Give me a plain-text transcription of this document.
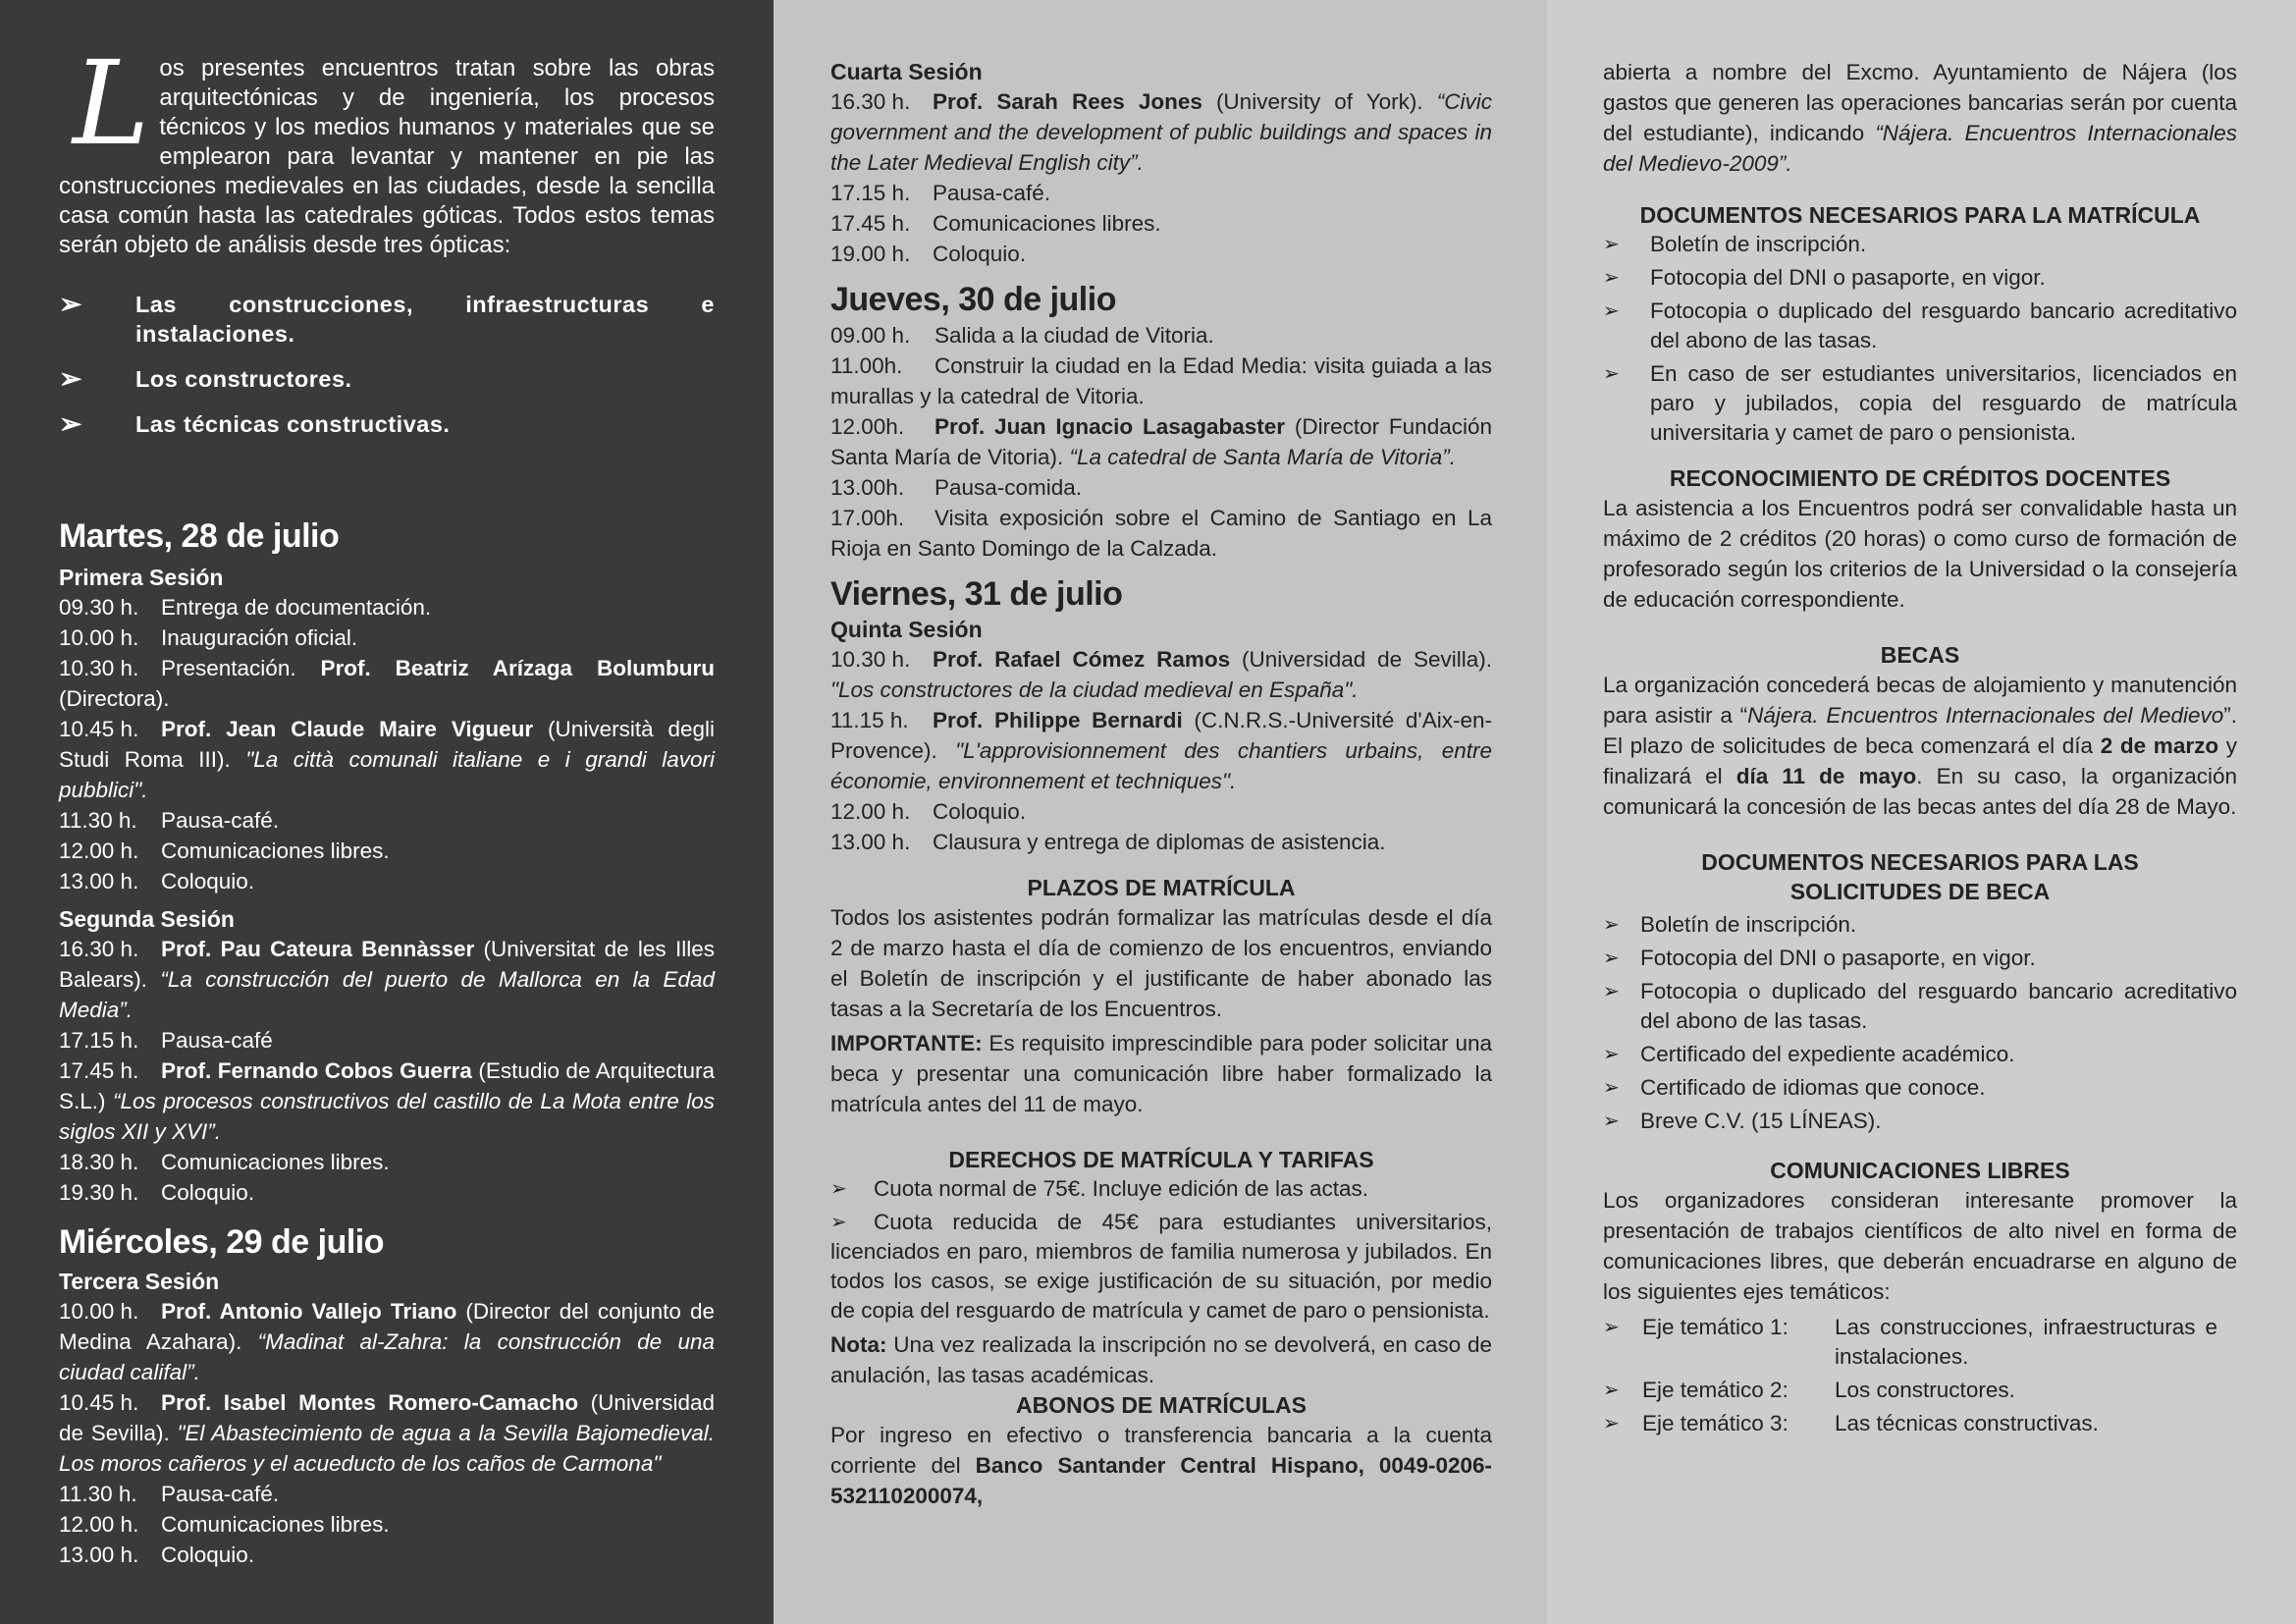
Los presentes encuentros tratan sobre las obras arquitectónicas y de ingeniería, los procesos técnicos y los medios humanos y materiales que se emplearon para levantar y mantener en pie las construcciones medievales en las ciudades, desde la sencilla casa común hasta las catedrales góticas. Todos estos temas serán objeto de análisis desde tres ópticas:

➢ Las construcciones, infraestructuras e instalaciones.
➢ Los constructores.
➢ Las técnicas constructivas.
Martes, 28 de julio

Primera Sesión

09.30 h. Entrega de documentación.

10.00 h. Inauguración oficial.

10.30 h. Presentación. Prof. Beatriz Arízaga Bolumburu (Directora).

10.45 h. Prof. Jean Claude Maire Vigueur (Università degli Studi Roma III). "La città comunali italiane e i grandi lavori pubblici".

11.30 h. Pausa-café.

12.00 h. Comunicaciones libres.

13.00 h. Coloquio.

Segunda Sesión

16.30 h. Prof. Pau Cateura Bennàsser (Universitat de les Illes Balears). “La construcción del puerto de Mallorca en la Edad Media”.

17.15 h. Pausa-café

17.45 h. Prof. Fernando Cobos Guerra (Estudio de Arquitectura S.L.) “Los procesos constructivos del castillo de La Mota entre los siglos XII y XVI”.

18.30 h. Comunicaciones libres.

19.30 h. Coloquio.

Miércoles, 29 de julio

Tercera Sesión

10.00 h. Prof. Antonio Vallejo Triano (Director del conjunto de Medina Azahara). “Madinat al-Zahra: la construcción de una ciudad califal”.

10.45 h. Prof. Isabel Montes Romero-Camacho (Universidad de Sevilla). "El Abastecimiento de agua a la Sevilla Bajomedieval. Los moros cañeros y el acueducto de los caños de Carmona"

11.30 h. Pausa-café.

12.00 h. Comunicaciones libres.

13.00 h. Coloquio.

Cuarta Sesión

16.30 h. Prof. Sarah Rees Jones (University of York). “Civic government and the development of public buildings and spaces in the Later Medieval English city”.

17.15 h. Pausa-café.

17.45 h. Comunicaciones libres.

19.00 h. Coloquio.

Jueves, 30 de julio

09.00 h. Salida a la ciudad de Vitoria.

11.00h. Construir la ciudad en la Edad Media: visita guiada a las murallas y la catedral de Vitoria.

12.00h. Prof. Juan Ignacio Lasagabaster (Director Fundación Santa María de Vitoria). “La catedral de Santa María de Vitoria”.

13.00h. Pausa-comida.

17.00h. Visita exposición sobre el Camino de Santiago en La Rioja en Santo Domingo de la Calzada.

Viernes, 31 de julio

Quinta Sesión

10.30 h. Prof. Rafael Cómez Ramos (Universidad de Sevilla). "Los constructores de la ciudad medieval en España".

11.15 h. Prof. Philippe Bernardi (C.N.R.S.-Université d'Aix-en-Provence). "L'approvisionnement des chantiers urbains, entre économie, environnement et techniques".

12.00 h. Coloquio.

13.00 h. Clausura y entrega de diplomas de asistencia.

PLAZOS DE MATRÍCULA

Todos los asistentes podrán formalizar las matrículas desde el día 2 de marzo hasta el día de comienzo de los encuentros, enviando el Boletín de inscripción y el justificante de haber abonado las tasas a la Secretaría de los Encuentros.

IMPORTANTE: Es requisito imprescindible para poder solicitar una beca y presentar una comunicación libre haber formalizado la matrícula antes del 11 de mayo.

DERECHOS DE MATRÍCULA Y TARIFAS

➢ Cuota normal de 75€. Incluye edición de las actas.
➢ Cuota reducida de 45€ para estudiantes universitarios, licenciados en paro, miembros de familia numerosa y jubilados. En todos los casos, se exige justificación de su situación, por medio de copia del resguardo de matrícula y camet de paro o pensionista.

Nota: Una vez realizada la inscripción no se devolverá, en caso de anulación, las tasas académicas.

ABONOS DE MATRÍCULAS

Por ingreso en efectivo o transferencia bancaria a la cuenta corriente del Banco Santander Central Hispano, 0049-0206-532110200074,

abierta a nombre del Excmo. Ayuntamiento de Nájera (los gastos que generen las operaciones bancarias serán por cuenta del estudiante), indicando “Nájera. Encuentros Internacionales del Medievo-2009”.

DOCUMENTOS NECESARIOS PARA LA MATRÍCULA

➢ Boletín de inscripción.
➢ Fotocopia del DNI o pasaporte, en vigor.
➢ Fotocopia o duplicado del resguardo bancario acreditativo del abono de las tasas.
➢ En caso de ser estudiantes universitarios, licenciados en paro y jubilados, copia del resguardo de matrícula universitaria y camet de paro o pensionista.

RECONOCIMIENTO DE CRÉDITOS DOCENTES

La asistencia a los Encuentros podrá ser convalidable hasta un máximo de 2 créditos (20 horas) o como curso de formación de profesorado según los criterios de la Universidad o la consejería de educación correspondiente.

BECAS

La organización concederá becas de alojamiento y manutención para asistir a “Nájera. Encuentros Internacionales del Medievo”. El plazo de solicitudes de beca comenzará el día 2 de marzo y finalizará el día 11 de mayo. En su caso, la organización comunicará la concesión de las becas antes del día 28 de Mayo.

DOCUMENTOS NECESARIOS PARA LAS

SOLICITUDES DE BECA

➢ Boletín de inscripción.
➢ Fotocopia del DNI o pasaporte, en vigor.
➢ Fotocopia o duplicado del resguardo bancario acreditativo del abono de las tasas.
➢ Certificado del expediente académico.
➢ Certificado de idiomas que conoce.
➢ Breve C.V. (15 LÍNEAS).

COMUNICACIONES LIBRES

Los organizadores consideran interesante promover la presentación de trabajos científicos de alto nivel en forma de comunicaciones libres, que deberán encuadrarse en alguno de los siguientes ejes temáticos:

➢ Eje temático 1: Las construcciones, infraestructuras e instalaciones.
➢ Eje temático 2: Los constructores.
➢ Eje temático 3: Las técnicas constructivas.
